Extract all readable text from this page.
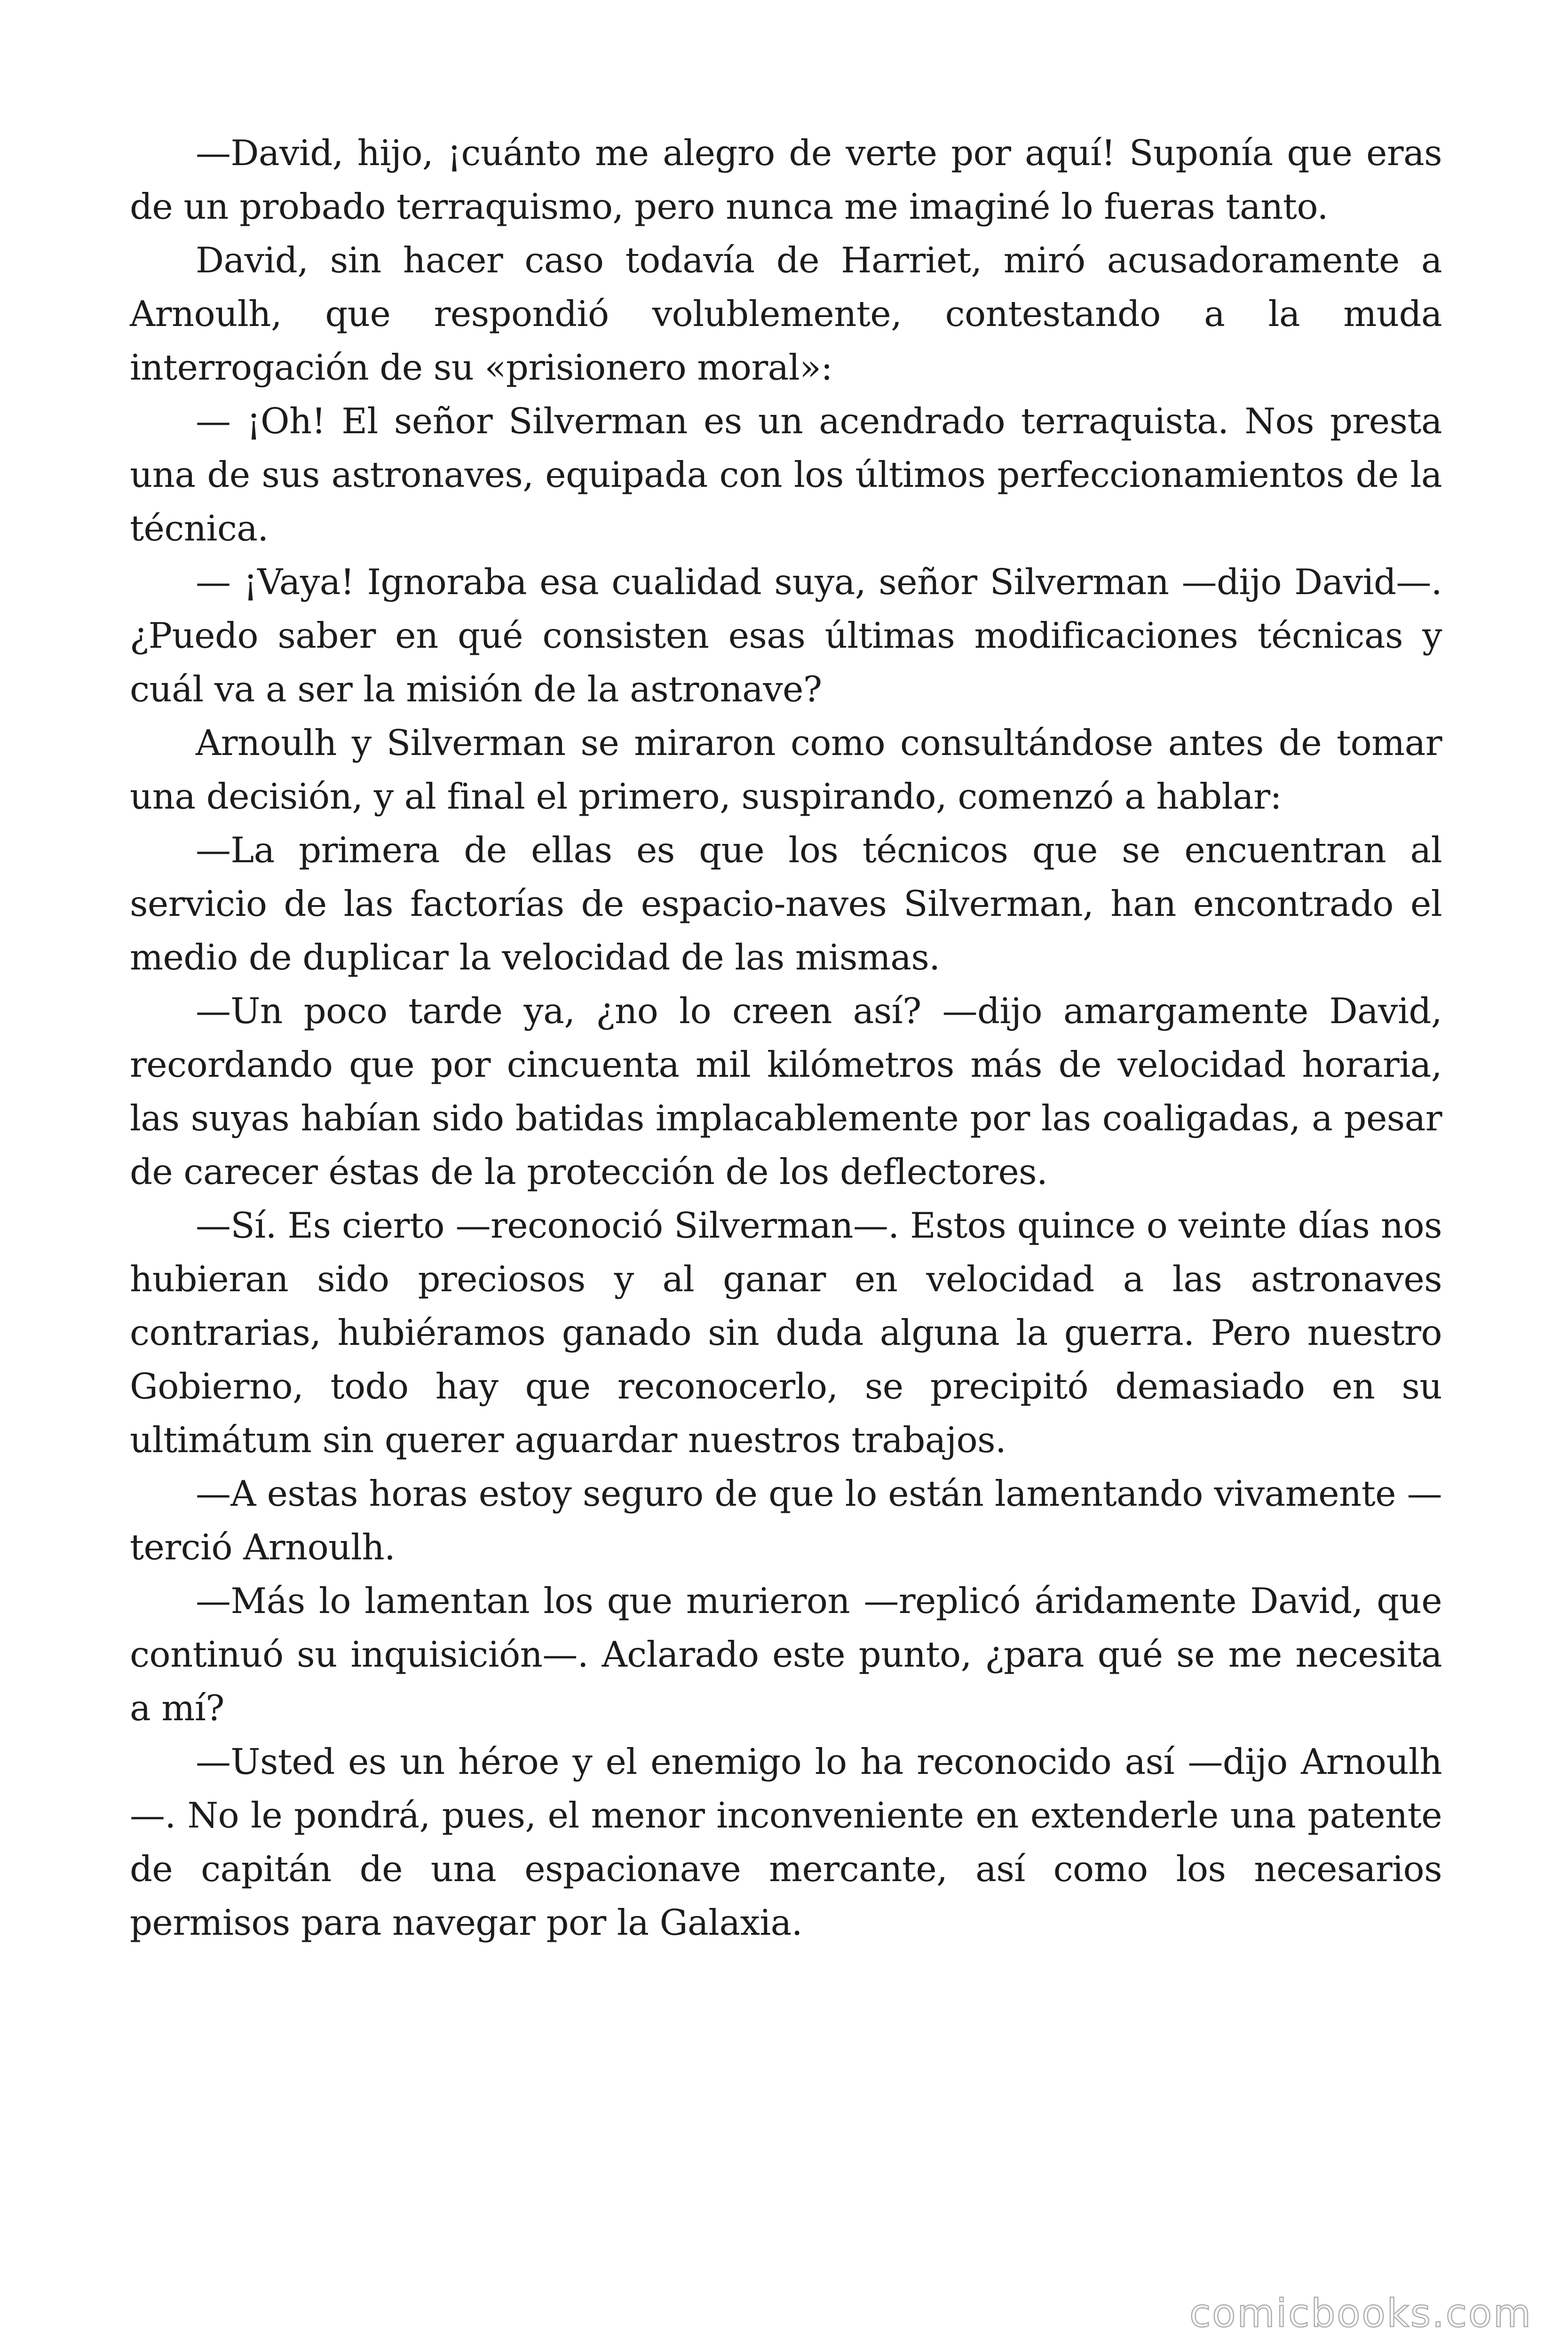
—David, hijo, ¡cuánto me alegro de verte por aquí! Suponía que eras de un probado terraquismo, pero nunca me imaginé lo fueras tanto.

David, sin hacer caso todavía de Harriet, miró acusadoramente a Arnoulh, que respondió volublemente, contestando a la muda interrogación de su «prisionero moral»:

— ¡Oh! El señor Silverman es un acendrado terraquista. Nos presta una de sus astronaves, equipada con los últimos perfeccionamientos de la técnica.

— ¡Vaya! Ignoraba esa cualidad suya, señor Silverman —dijo David—. ¿Puedo saber en qué consisten esas últimas modificaciones técnicas y cuál va a ser la misión de la astronave?

Arnoulh y Silverman se miraron como consultándose antes de tomar una decisión, y al final el primero, suspirando, comenzó a hablar:

—La primera de ellas es que los técnicos que se encuentran al servicio de las factorías de espacio-naves Silverman, han encontrado el medio de duplicar la velocidad de las mismas.

—Un poco tarde ya, ¿no lo creen así? —dijo amargamente David, recordando que por cincuenta mil kilómetros más de velocidad horaria, las suyas habían sido batidas implacablemente por las coaligadas, a pesar de carecer éstas de la protección de los deflectores.

—Sí. Es cierto —reconoció Silverman—. Estos quince o veinte días nos hubieran sido preciosos y al ganar en velocidad a las astronaves contrarias, hubiéramos ganado sin duda alguna la guerra. Pero nuestro Gobierno, todo hay que reconocerlo, se precipitó demasiado en su ultimátum sin querer aguardar nuestros trabajos.

—A estas horas estoy seguro de que lo están lamentando vivamente —terció Arnoulh.

—Más lo lamentan los que murieron —replicó áridamente David, que continuó su inquisición—. Aclarado este punto, ¿para qué se me necesita a mí?

—Usted es un héroe y el enemigo lo ha reconocido así —dijo Arnoulh—. No le pondrá, pues, el menor inconveniente en extenderle una patente de capitán de una espacionave mercante, así como los necesarios permisos para navegar por la Galaxia.

comicbooks.com
